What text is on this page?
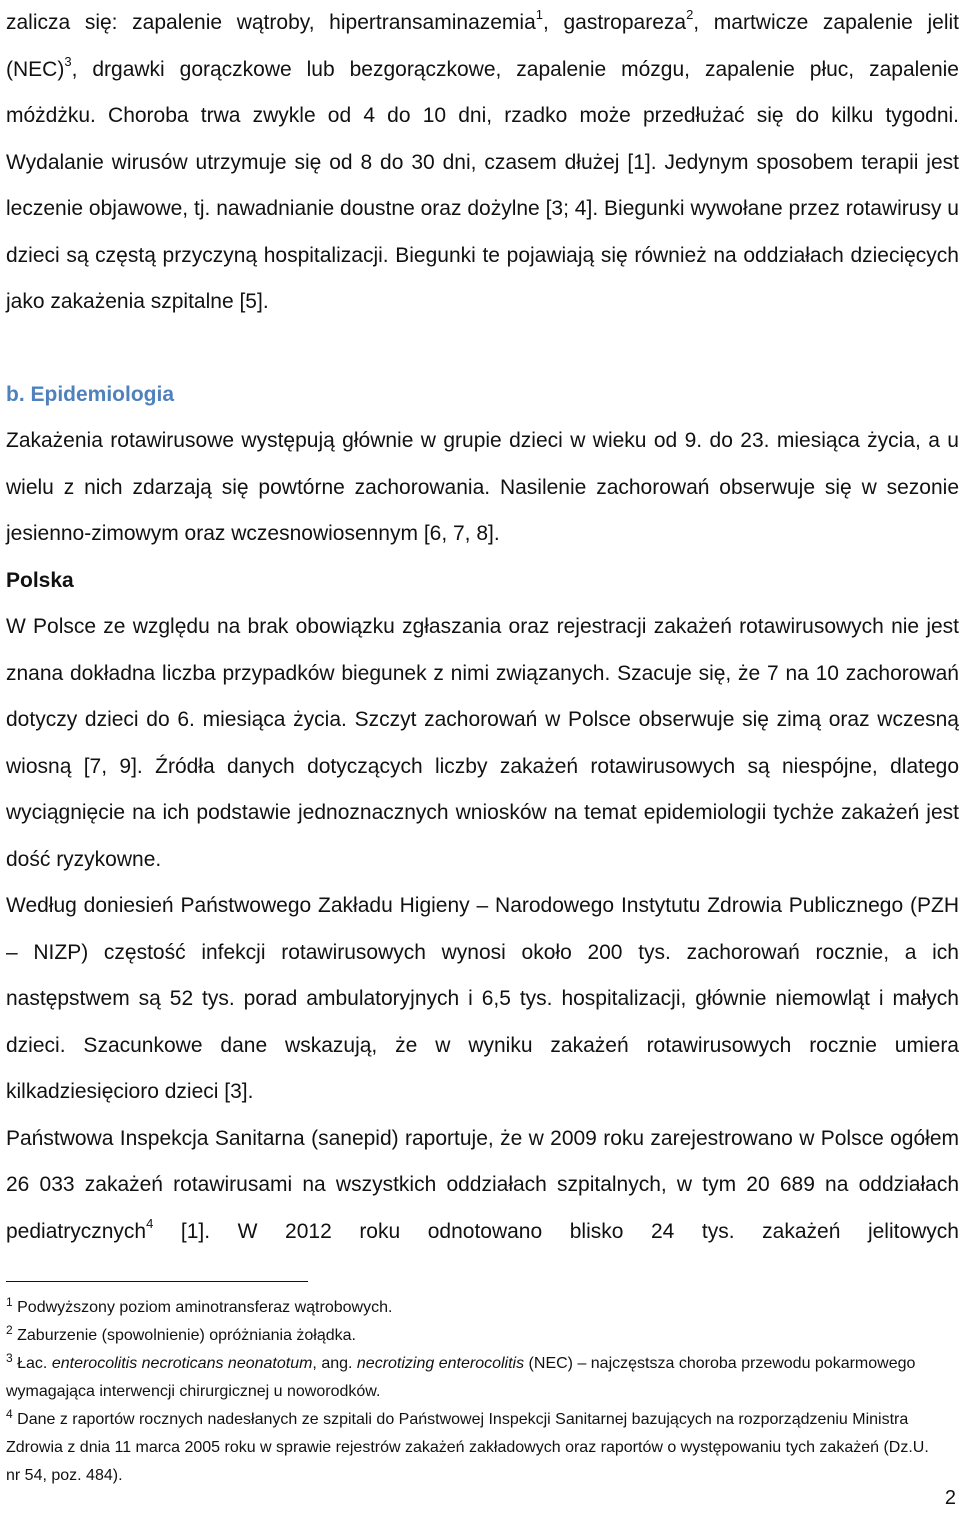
zalicza się: zapalenie wątroby, hipertransaminazemia$^1$, gastropareza$^2$, martwicze zapalenie jelit (NEC)$^3$, drgawki gorączkowe lub bezgorączkowe, zapalenie mózgu, zapalenie płuc, zapalenie móżdżku. Choroba trwa zwykle od 4 do 10 dni, rzadko może przedłużać się do kilku tygodni. Wydalanie wirusów utrzymuje się od 8 do 30 dni, czasem dłużej [1]. Jedynym sposobem terapii jest leczenie objawowe, tj. nawadnianie doustne oraz dożylne [3; 4]. Biegunki wywołane przez rotawirusy u dzieci są częstą przyczyną hospitalizacji. Biegunki te pojawiają się również na oddziałach dziecięcych jako zakażenia szpitalne [5].

b. Epidemiologia

Zakażenia rotawirusowe występują głównie w grupie dzieci w wieku od 9. do 23. miesiąca życia, a u wielu z nich zdarzają się powtórne zachorowania. Nasilenie zachorowań obserwuje się w sezonie jesienno-zimowym oraz wczesnowiosennym [6, 7, 8].

Polska

W Polsce ze względu na brak obowiązku zgłaszania oraz rejestracji zakażeń rotawirusowych nie jest znana dokładna liczba przypadków biegunek z nimi związanych. Szacuje się, że 7 na 10 zachorowań dotyczy dzieci do 6. miesiąca życia. Szczyt zachorowań w Polsce obserwuje się zimą oraz wczesną wiosną [7, 9]. Źródła danych dotyczących liczby zakażeń rotawirusowych są niespójne, dlatego wyciągnięcie na ich podstawie jednoznacznych wniosków na temat epidemiologii tychże zakażeń jest dość ryzykowne.

Według doniesień Państwowego Zakładu Higieny – Narodowego Instytutu Zdrowia Publicznego (PZH – NIZP) częstość infekcji rotawirusowych wynosi około 200 tys. zachorowań rocznie, a ich następstwem są 52 tys. porad ambulatoryjnych i 6,5 tys. hospitalizacji, głównie niemowląt i małych dzieci. Szacunkowe dane wskazują, że w wyniku zakażeń rotawirusowych rocznie umiera kilkadziesięcioro dzieci [3].

Państwowa Inspekcja Sanitarna (sanepid) raportuje, że w 2009 roku zarejestrowano w Polsce ogółem 26 033 zakażeń rotawirusami na wszystkich oddziałach szpitalnych, w tym 20 689 na oddziałach pediatrycznych$^4$ [1]. W 2012 roku odnotowano blisko 24 tys. zakażeń jelitowych

$^1$ Podwyższony poziom aminotransferaz wątrobowych.

$^2$ Zaburzenie (spowolnienie) opróżniania żołądka.

$^3$ Łac. enterocolitis necroticans neonatotum, ang. necrotizing enterocolitis (NEC) – najczęstsza choroba przewodu pokarmowego wymagająca interwencji chirurgicznej u noworodków.

$^4$ Dane z raportów rocznych nadesłanych ze szpitali do Państwowej Inspekcji Sanitarnej bazujących na rozporządzeniu Ministra Zdrowia z dnia 11 marca 2005 roku w sprawie rejestrów zakażeń zakładowych oraz raportów o występowaniu tych zakażeń (Dz.U. nr 54, poz. 484).

2
